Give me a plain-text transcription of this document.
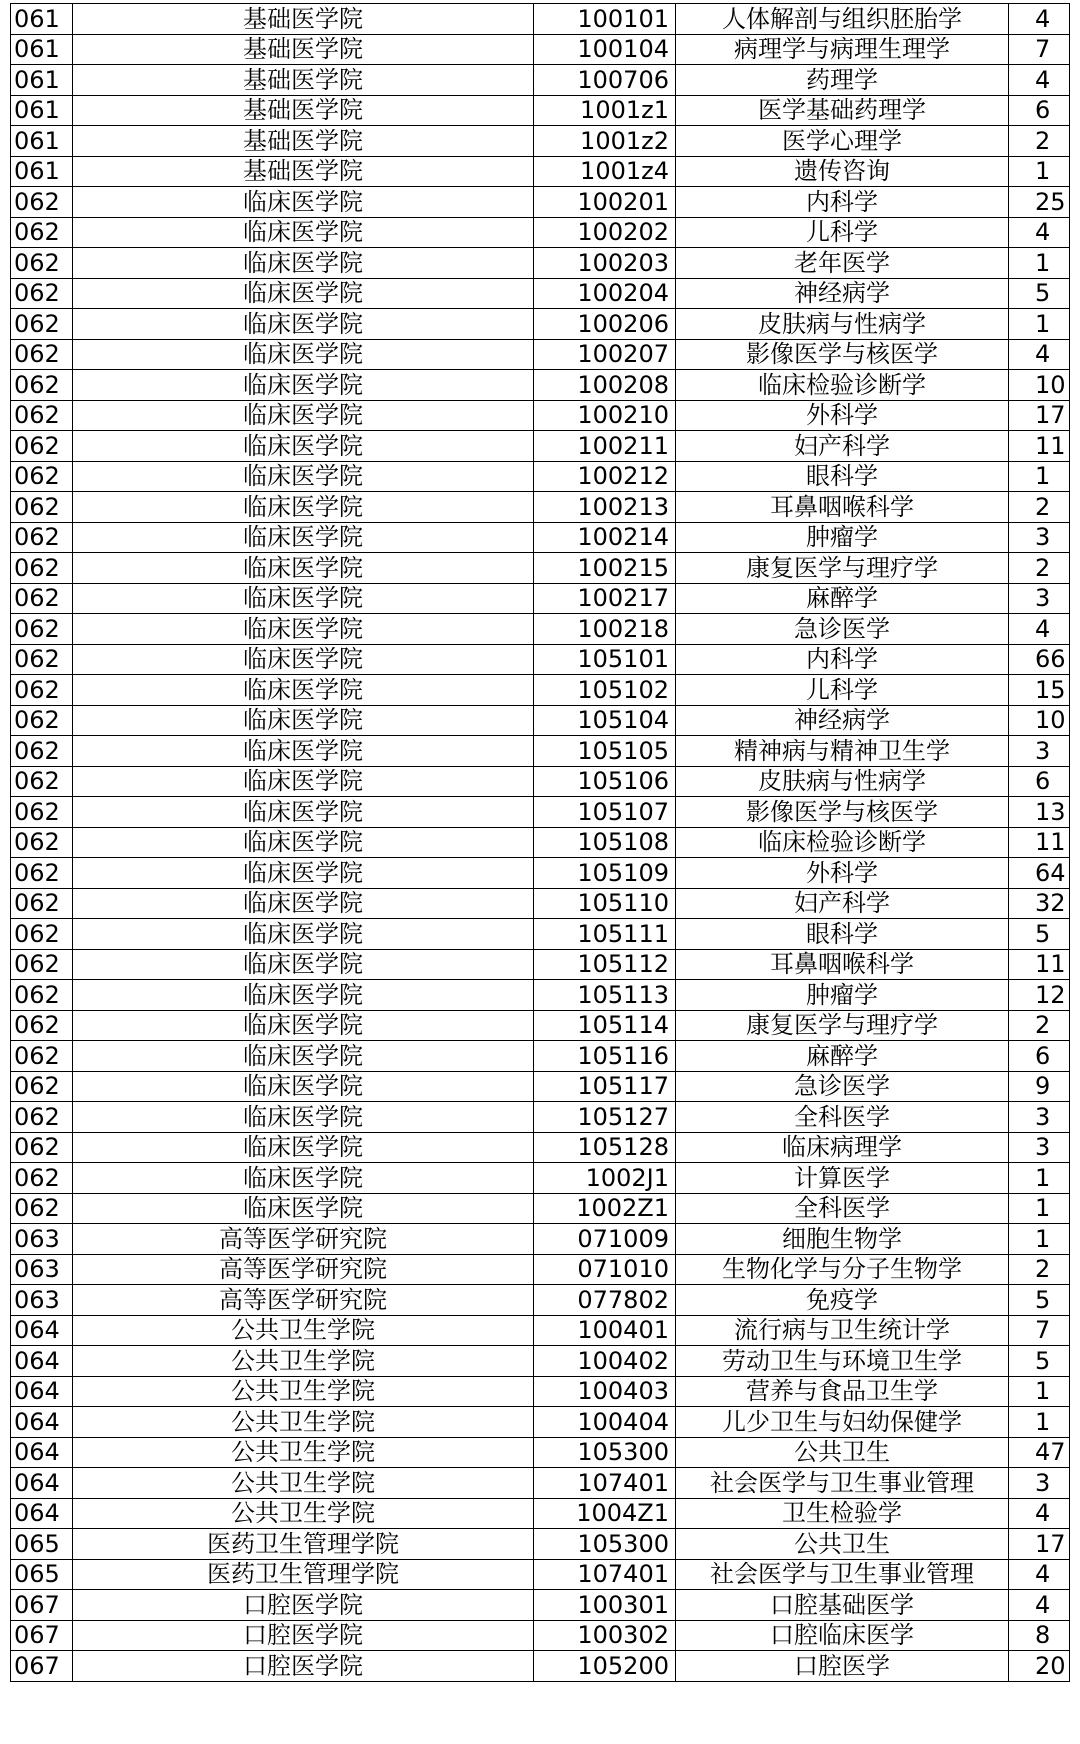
061	基础医学院	100101	人体解剖与组织胚胎学	4
061	基础医学院	100104	病理学与病理生理学	7
061	基础医学院	100706	药理学	4
061	基础医学院	1001z1	医学基础药理学	6
061	基础医学院	1001z2	医学心理学	2
061	基础医学院	1001z4	遗传咨询	1
062	临床医学院	100201	内科学	25
062	临床医学院	100202	儿科学	4
062	临床医学院	100203	老年医学	1
062	临床医学院	100204	神经病学	5
062	临床医学院	100206	皮肤病与性病学	1
062	临床医学院	100207	影像医学与核医学	4
062	临床医学院	100208	临床检验诊断学	10
062	临床医学院	100210	外科学	17
062	临床医学院	100211	妇产科学	11
062	临床医学院	100212	眼科学	1
062	临床医学院	100213	耳鼻咽喉科学	2
062	临床医学院	100214	肿瘤学	3
062	临床医学院	100215	康复医学与理疗学	2
062	临床医学院	100217	麻醉学	3
062	临床医学院	100218	急诊医学	4
062	临床医学院	105101	内科学	66
062	临床医学院	105102	儿科学	15
062	临床医学院	105104	神经病学	10
062	临床医学院	105105	精神病与精神卫生学	3
062	临床医学院	105106	皮肤病与性病学	6
062	临床医学院	105107	影像医学与核医学	13
062	临床医学院	105108	临床检验诊断学	11
062	临床医学院	105109	外科学	64
062	临床医学院	105110	妇产科学	32
062	临床医学院	105111	眼科学	5
062	临床医学院	105112	耳鼻咽喉科学	11
062	临床医学院	105113	肿瘤学	12
062	临床医学院	105114	康复医学与理疗学	2
062	临床医学院	105116	麻醉学	6
062	临床医学院	105117	急诊医学	9
062	临床医学院	105127	全科医学	3
062	临床医学院	105128	临床病理学	3
062	临床医学院	1002J1	计算医学	1
062	临床医学院	1002Z1	全科医学	1
063	高等医学研究院	071009	细胞生物学	1
063	高等医学研究院	071010	生物化学与分子生物学	2
063	高等医学研究院	077802	免疫学	5
064	公共卫生学院	100401	流行病与卫生统计学	7
064	公共卫生学院	100402	劳动卫生与环境卫生学	5
064	公共卫生学院	100403	营养与食品卫生学	1
064	公共卫生学院	100404	儿少卫生与妇幼保健学	1
064	公共卫生学院	105300	公共卫生	47
064	公共卫生学院	107401	社会医学与卫生事业管理	3
064	公共卫生学院	1004Z1	卫生检验学	4
065	医药卫生管理学院	105300	公共卫生	17
065	医药卫生管理学院	107401	社会医学与卫生事业管理	4
067	口腔医学院	100301	口腔基础医学	4
067	口腔医学院	100302	口腔临床医学	8
067	口腔医学院	105200	口腔医学	20
